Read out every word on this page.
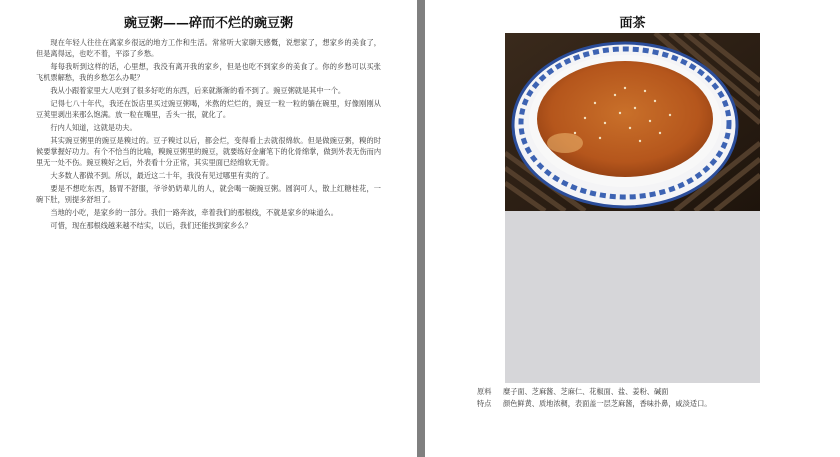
豌豆粥——碎而不烂的豌豆粥

现在年轻人往往在离家乡很远的地方工作和生活。常常听大家聊天感慨，说想家了，想家乡的美食了，但是离得远，也吃不着，平添了乡愁。

每每我听到这样的话，心里想，我没有离开我的家乡，但是也吃不到家乡的美食了。你的乡愁可以买张飞机票解愁，我的乡愁怎么办呢？

我从小跟着家里大人吃到了很多好吃的东西，后来就渐渐的看不到了。豌豆粥就是其中一个。

记得七八十年代，我还在饭店里买过豌豆粥喝，米熬的烂烂的，豌豆一粒一粒的躺在碗里，好像刚刚从豆荚里剥出来那么饱满。放一粒在嘴里，舌头一抿，就化了。

行内人知道，这就是功夫。

其实豌豆粥里的豌豆是糗过的。豆子糗过以后，都会烂，变得看上去就很绵软。但是做豌豆粥，糗的时候要掌握好功力。有个不恰当的比喻，糗豌豆粥里的豌豆，就要练好金庸笔下的化骨绵掌，做到外表无伤而内里无一处不伤。豌豆糗好之后，外表看十分正常，其实里面已经绵软无骨。

大多数人都做不到。所以，最近这二十年，我没有见过哪里有卖的了。

要是不想吃东西，肠胃不舒服，爷爷奶奶辈儿的人，就会喝一碗豌豆粥。圆润可人，散上红糖桂花，一碗下肚，别提多舒坦了。

当地的小吃，是家乡的一部分。我们一路奔波，牵着我们的那根线，不就是家乡的味道么。

可惜，现在那根线越来越不结实，以后，我们还能找到家乡么？

面茶
原料	糜子面、芝麻酱、芝麻仁、花椒面、盐、姜粉、碱面
特点	颜色鲜黄、质地浓稠，表面盖一层芝麻酱，香味扑鼻，咸淡适口。
